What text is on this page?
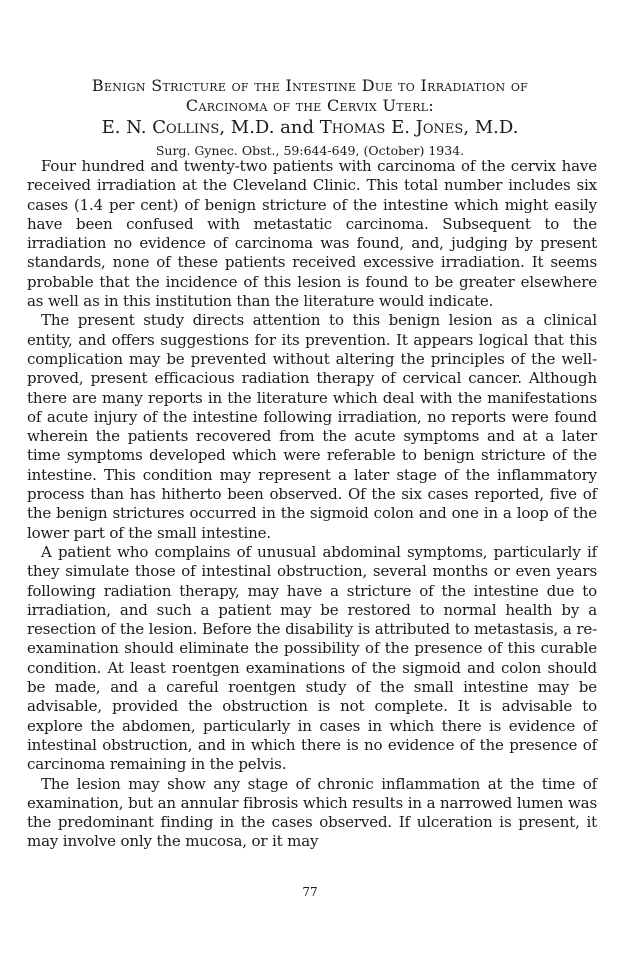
Benign Stricture of the Intestine Due to Irradiation of
Carcinoma of the Cervix Uterl:
E. N. Collins, M.D. and Thomas E. Jones, M.D.
Surg. Gynec. Obst., 59:644-649, (October) 1934.

Four hundred and twenty-two patients with carcinoma of the cervix have received irradiation at the Cleveland Clinic. This total number includes six cases (1.4 per cent) of benign stricture of the intestine which might easily have been confused with metastatic carcinoma. Subsequent to the irradiation no evidence of carcinoma was found, and, judging by present standards, none of these patients received excessive irradiation. It seems probable that the incidence of this lesion is found to be greater elsewhere as well as in this institution than the literature would indicate.

The present study directs attention to this benign lesion as a clinical entity, and offers suggestions for its prevention. It appears logical that this complication may be prevented without altering the principles of the well-proved, present efficacious radiation therapy of cervical cancer. Although there are many reports in the literature which deal with the manifestations of acute injury of the intestine following irradiation, no reports were found wherein the patients recovered from the acute symptoms and at a later time symptoms developed which were referable to benign stricture of the intestine. This condition may represent a later stage of the inflammatory process than has hitherto been observed. Of the six cases reported, five of the benign strictures occurred in the sigmoid colon and one in a loop of the lower part of the small intestine.

A patient who complains of unusual abdominal symptoms, particularly if they simulate those of intestinal obstruction, several months or even years following radiation therapy, may have a stricture of the intestine due to irradiation, and such a patient may be restored to normal health by a resection of the lesion. Before the disability is attributed to metastasis, a re-examination should eliminate the possibility of the presence of this curable condition. At least roentgen examinations of the sigmoid and colon should be made, and a careful roentgen study of the small intestine may be advisable, provided the obstruction is not complete. It is advisable to explore the abdomen, particularly in cases in which there is evidence of intestinal obstruction, and in which there is no evidence of the presence of carcinoma remaining in the pelvis.

The lesion may show any stage of chronic inflammation at the time of examination, but an annular fibrosis which results in a narrowed lumen was the predominant finding in the cases observed. If ulceration is present, it may involve only the mucosa, or it may

77
